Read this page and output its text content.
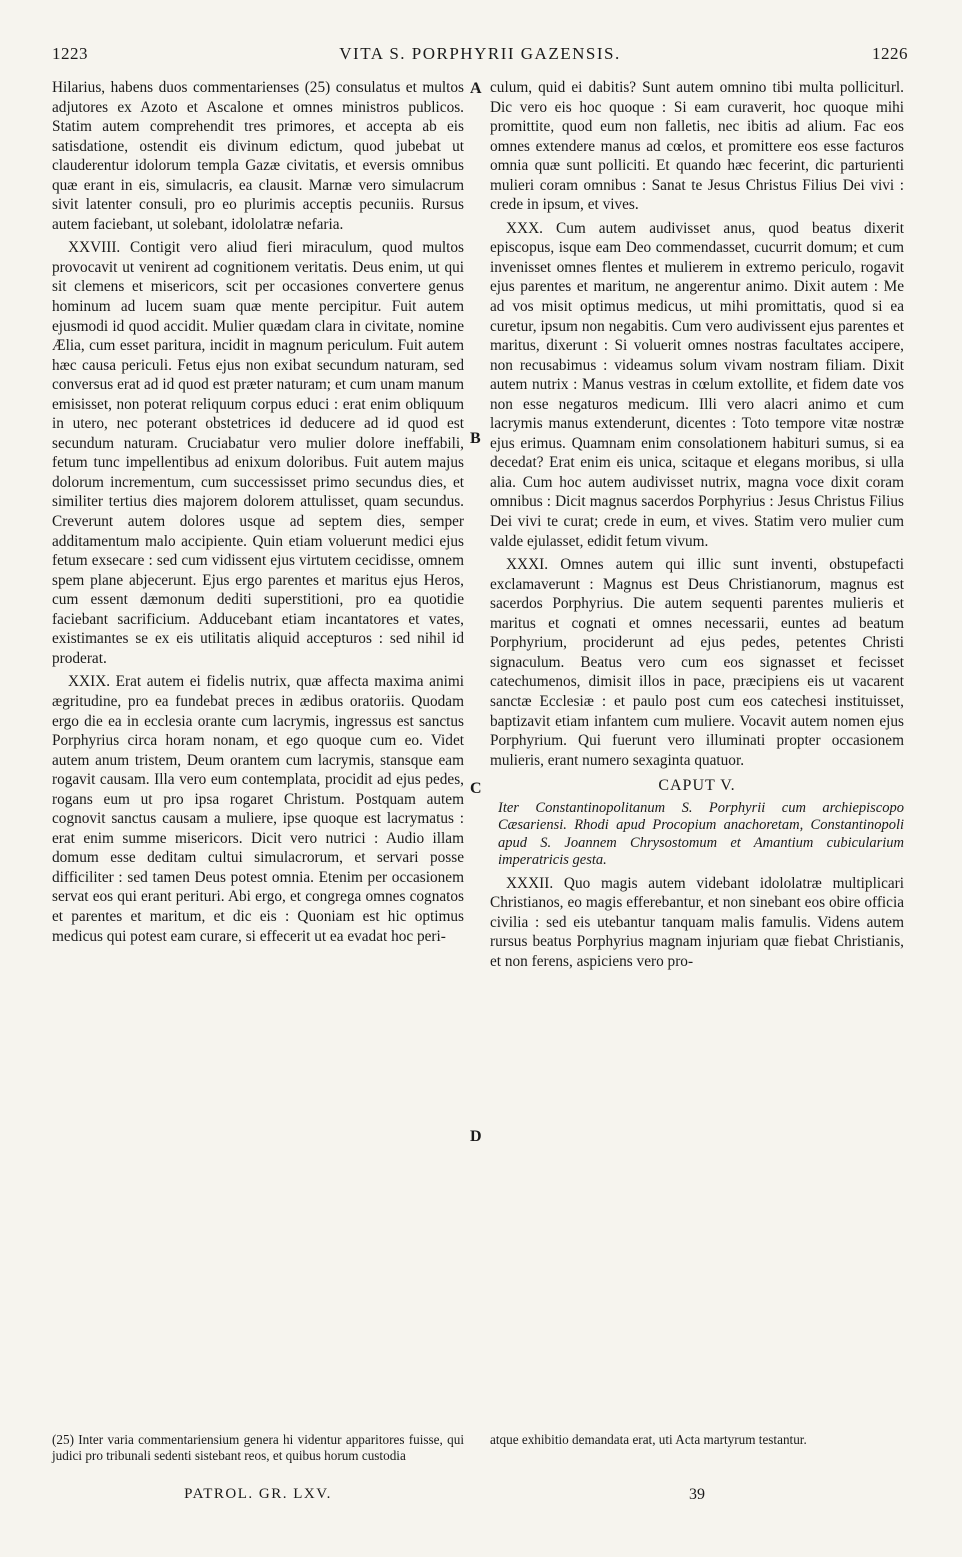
1223	VITA S. PORPHYRII GAZENSIS.	1226

Hilarius, habens duos commentarienses (25) consulatus et multos adjutores ex Azoto et Ascalone et omnes ministros publicos. Statim autem comprehendit tres primores, et accepta ab eis satisdatione, ostendit eis divinum edictum, quod jubebat ut clauderentur idolorum templa Gazæ civitatis, et eversis omnibus quæ erant in eis, simulacris, ea clausit. Marnæ vero simulacrum sivit latenter consuli, pro eo plurimis acceptis pecuniis. Rursus autem faciebant, ut solebant, idololatræ nefaria.

XXVIII. Contigit vero aliud fieri miraculum, quod multos provocavit ut venirent ad cognitionem veritatis. Deus enim, ut qui sit clemens et misericors, scit per occasiones convertere genus hominum ad lucem suam quæ mente percipitur. Fuit autem ejusmodi id quod accidit. Mulier quædam clara in civitate, nomine Ælia, cum esset paritura, incidit in magnum periculum. Fuit autem hæc causa periculi. Fetus ejus non exibat secundum naturam, sed conversus erat ad id quod est præter naturam; et cum unam manum emisisset, non poterat reliquum corpus educi : erat enim obliquum in utero, nec poterant obstetrices id deducere ad id quod est secundum naturam. Cruciabatur vero mulier dolore ineffabili, fetum tunc impellentibus ad enixum doloribus. Fuit autem majus dolorum incrementum, cum successisset primo secundus dies, et similiter tertius dies majorem dolorem attulisset, quam secundus. Creverunt autem dolores usque ad septem dies, semper additamentum malo accipiente. Quin etiam voluerunt medici ejus fetum exsecare : sed cum vidissent ejus virtutem cecidisse, omnem spem plane abjecerunt. Ejus ergo parentes et maritus ejus Heros, cum essent dæmonum dediti superstitioni, pro ea quotidie faciebant sacrificium. Adducebant etiam incantatores et vates, existimantes se ex eis utilitatis aliquid accepturos : sed nihil id proderat.

XXIX. Erat autem ei fidelis nutrix, quæ affecta maxima animi ægritudine, pro ea fundebat preces in ædibus oratoriis. Quodam ergo die ea in ecclesia orante cum lacrymis, ingressus est sanctus Porphyrius circa horam nonam, et ego quoque cum eo. Videt autem anum tristem, Deum orantem cum lacrymis, stansque eam rogavit causam. Illa vero eum contemplata, procidit ad ejus pedes, rogans eum ut pro ipsa rogaret Christum. Postquam autem cognovit sanctus causam a muliere, ipse quoque est lacrymatus : erat enim summe misericors. Dicit vero nutrici : Audio illam domum esse deditam cultui simulacrorum, et servari posse difficiliter : sed tamen Deus potest omnia. Etenim per occasionem servat eos qui erant perituri. Abi ergo, et congrega omnes cognatos et parentes et maritum, et dic eis : Quoniam est hic optimus medicus qui potest eam curare, si effecerit ut ea evadat hoc peri-

A
B
C
D

culum, quid ei dabitis? Sunt autem omnino tibi multa polliciturl. Dic vero eis hoc quoque : Si eam curaverit, hoc quoque mihi promittite, quod eum non falletis, nec ibitis ad alium. Fac eos omnes extendere manus ad cœlos, et promittere eos esse facturos omnia quæ sunt polliciti. Et quando hæc fecerint, dic parturienti mulieri coram omnibus : Sanat te Jesus Christus Filius Dei vivi : crede in ipsum, et vives.

XXX. Cum autem audivisset anus, quod beatus dixerit episcopus, isque eam Deo commendasset, cucurrit domum; et cum invenisset omnes flentes et mulierem in extremo periculo, rogavit ejus parentes et maritum, ne angerentur animo. Dixit autem : Me ad vos misit optimus medicus, ut mihi promittatis, quod si ea curetur, ipsum non negabitis. Cum vero audivissent ejus parentes et maritus, dixerunt : Si voluerit omnes nostras facultates accipere, non recusabimus : videamus solum vivam nostram filiam. Dixit autem nutrix : Manus vestras in cœlum extollite, et fidem date vos non esse negaturos medicum. Illi vero alacri animo et cum lacrymis manus extenderunt, dicentes : Toto tempore vitæ nostræ ejus erimus. Quamnam enim consolationem habituri sumus, si ea decedat? Erat enim eis unica, scitaque et elegans moribus, si ulla alia. Cum hoc autem audivisset nutrix, magna voce dixit coram omnibus : Dicit magnus sacerdos Porphyrius : Jesus Christus Filius Dei vivi te curat; crede in eum, et vives. Statim vero mulier cum valde ejulasset, edidit fetum vivum.

XXXI. Omnes autem qui illic sunt inventi, obstupefacti exclamaverunt : Magnus est Deus Christianorum, magnus est sacerdos Porphyrius. Die autem sequenti parentes mulieris et maritus et cognati et omnes necessarii, euntes ad beatum Porphyrium, prociderunt ad ejus pedes, petentes Christi signaculum. Beatus vero cum eos signasset et fecisset catechumenos, dimisit illos in pace, præcipiens eis ut vacarent sanctæ Ecclesiæ : et paulo post cum eos catechesi instituisset, baptizavit etiam infantem cum muliere. Vocavit autem nomen ejus Porphyrium. Qui fuerunt vero illuminati propter occasionem mulieris, erant numero sexaginta quatuor.

CAPUT V.
Iter Constantinopolitanum S. Porphyrii cum archiepiscopo Cæsariensi. Rhodi apud Procopium anachoretam, Constantinopoli apud S. Joannem Chrysostomum et Amantium cubicularium imperatricis gesta.

XXXII. Quo magis autem videbant idololatræ multiplicari Christianos, eo magis efferebantur, et non sinebant eos obire officia civilia : sed eis utebantur tanquam malis famulis. Videns autem rursus beatus Porphyrius magnam injuriam quæ fiebat Christianis, et non ferens, aspiciens vero pro-

(25) Inter varia commentariensium genera hi videntur apparitores fuisse, qui judici pro tribunali sedenti sistebant reos, et quibus horum custodia
atque exhibitio demandata erat, uti Acta martyrum testantur.
PATROL. GR. LXV.	39
